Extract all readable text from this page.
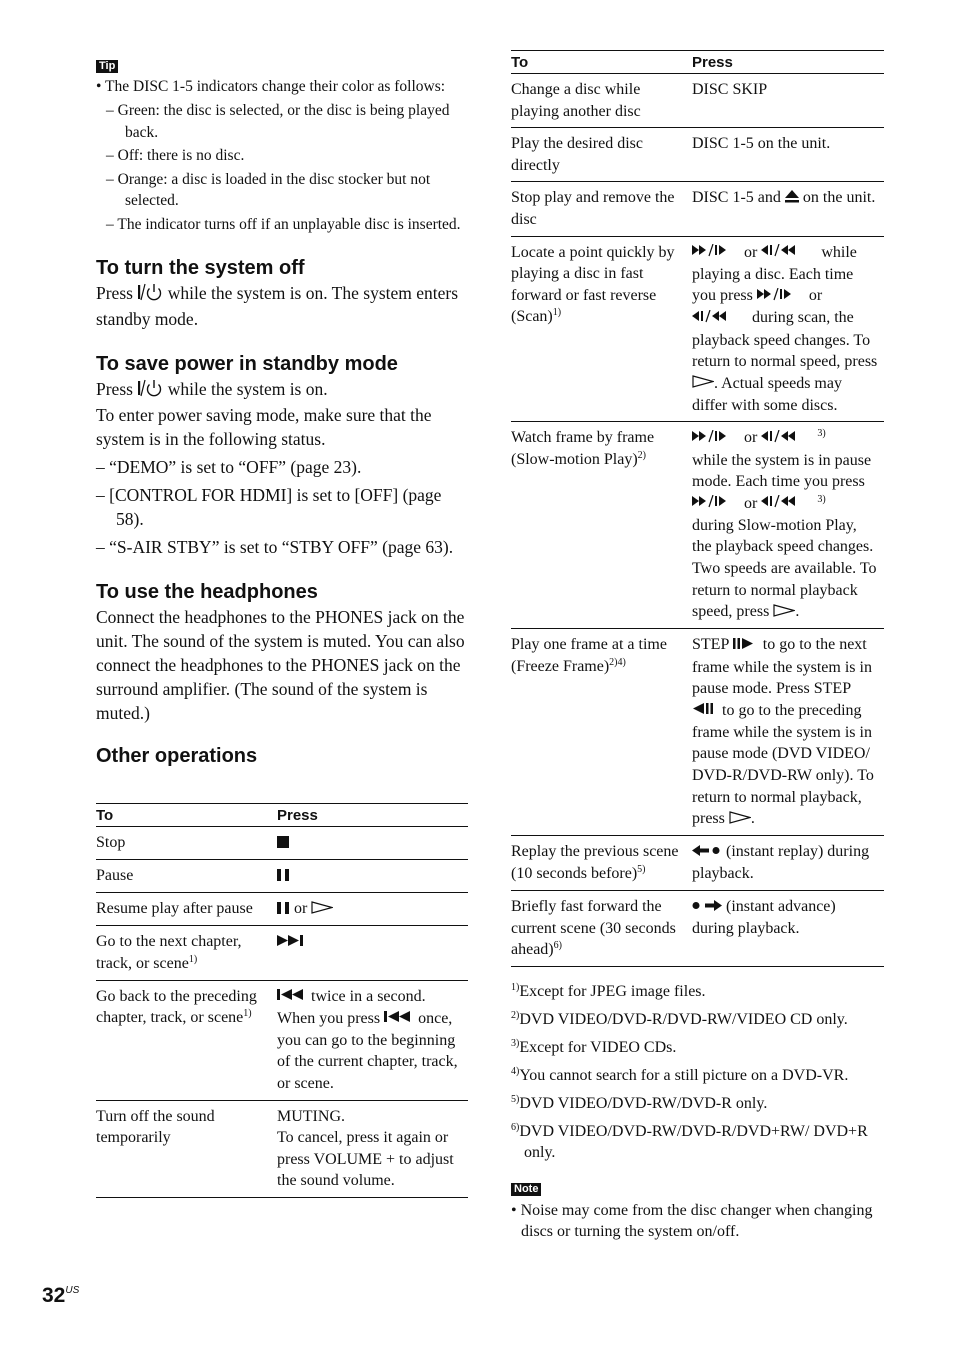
Tip

• The DISC 1-5 indicators change their color as follows:

– Green: the disc is selected, or the disc is being played back.
– Off: there is no disc.
– Orange: a disc is loaded in the disc stocker but not selected.
– The indicator turns off if an unplayable disc is inserted.
To turn the system off

Press  while the system is on. The system enters standby mode.

To save power in standby mode

Press  while the system is on.

To enter power saving mode, make sure that the system is in the following status.

– “DEMO” is set to “OFF” (page 23).

– [CONTROL FOR HDMI] is set to [OFF] (page 58).

– “S-AIR STBY” is set to “STBY OFF” (page 63).

To use the headphones

Connect the headphones to the PHONES jack on the unit. The sound of the system is muted. You can also connect the headphones to the PHONES jack on the surround amplifier. (The sound of the system is muted.)

Other operations
To	Press
Stop	
Pause	
Resume play after pause	or
Go to the next chapter, track, or scene$^{1)}$	
Go back to the preceding chapter, track, or scene$^{1)}$	twice in a second. When you press  once, you can go to the beginning of the current chapter, track, or scene.
Turn off the sound temporarily	MUTING.
To cancel, press it again or press VOLUME + to adjust the sound volume.
To	Press
Change a disc while playing another disc	DISC SKIP
Play the desired disc directly	DISC 1-5 on the unit.
Stop play and remove the disc	DISC 1-5 and  on the unit.
Locate a point quickly by playing a disc in fast forward or fast reverse (Scan)$^{1)}$	or while playing a disc. Each time you press or  during scan, the playback speed changes. To return to normal speed, press . Actual speeds may differ with some discs.
Watch frame by frame (Slow-motion Play)$^{2)}$	or $^{3)}$
while the system is in pause mode. Each time you press  or $^{3)}$
during Slow-motion Play, the playback speed changes. Two speeds are available. To return to normal playback speed, press .
Play one frame at a time (Freeze Frame)$^{2)4)}$	STEP  to go to the next frame while the system is in pause mode. Press STEP  to go to the preceding frame while the system is in pause mode (DVD VIDEO/ DVD-R/DVD-RW only). To return to normal playback, press .
Replay the previous scene (10 seconds before)$^{5)}$	(instant replay) during playback.
Briefly fast forward the current scene (30 seconds ahead)$^{6)}$	(instant advance) during playback.

$^{1)}$Except for JPEG image files.

$^{2)}$DVD VIDEO/DVD-R/DVD-RW/VIDEO CD only.

$^{3)}$Except for VIDEO CDs.

$^{4)}$You cannot search for a still picture on a DVD-VR.

$^{5)}$DVD VIDEO/DVD-RW/DVD-R only.

$^{6)}$DVD VIDEO/DVD-RW/DVD-R/DVD+RW/ DVD+R only.

Note

• Noise may come from the disc changer when changing discs or turning the system on/off.

$32^{US}$
